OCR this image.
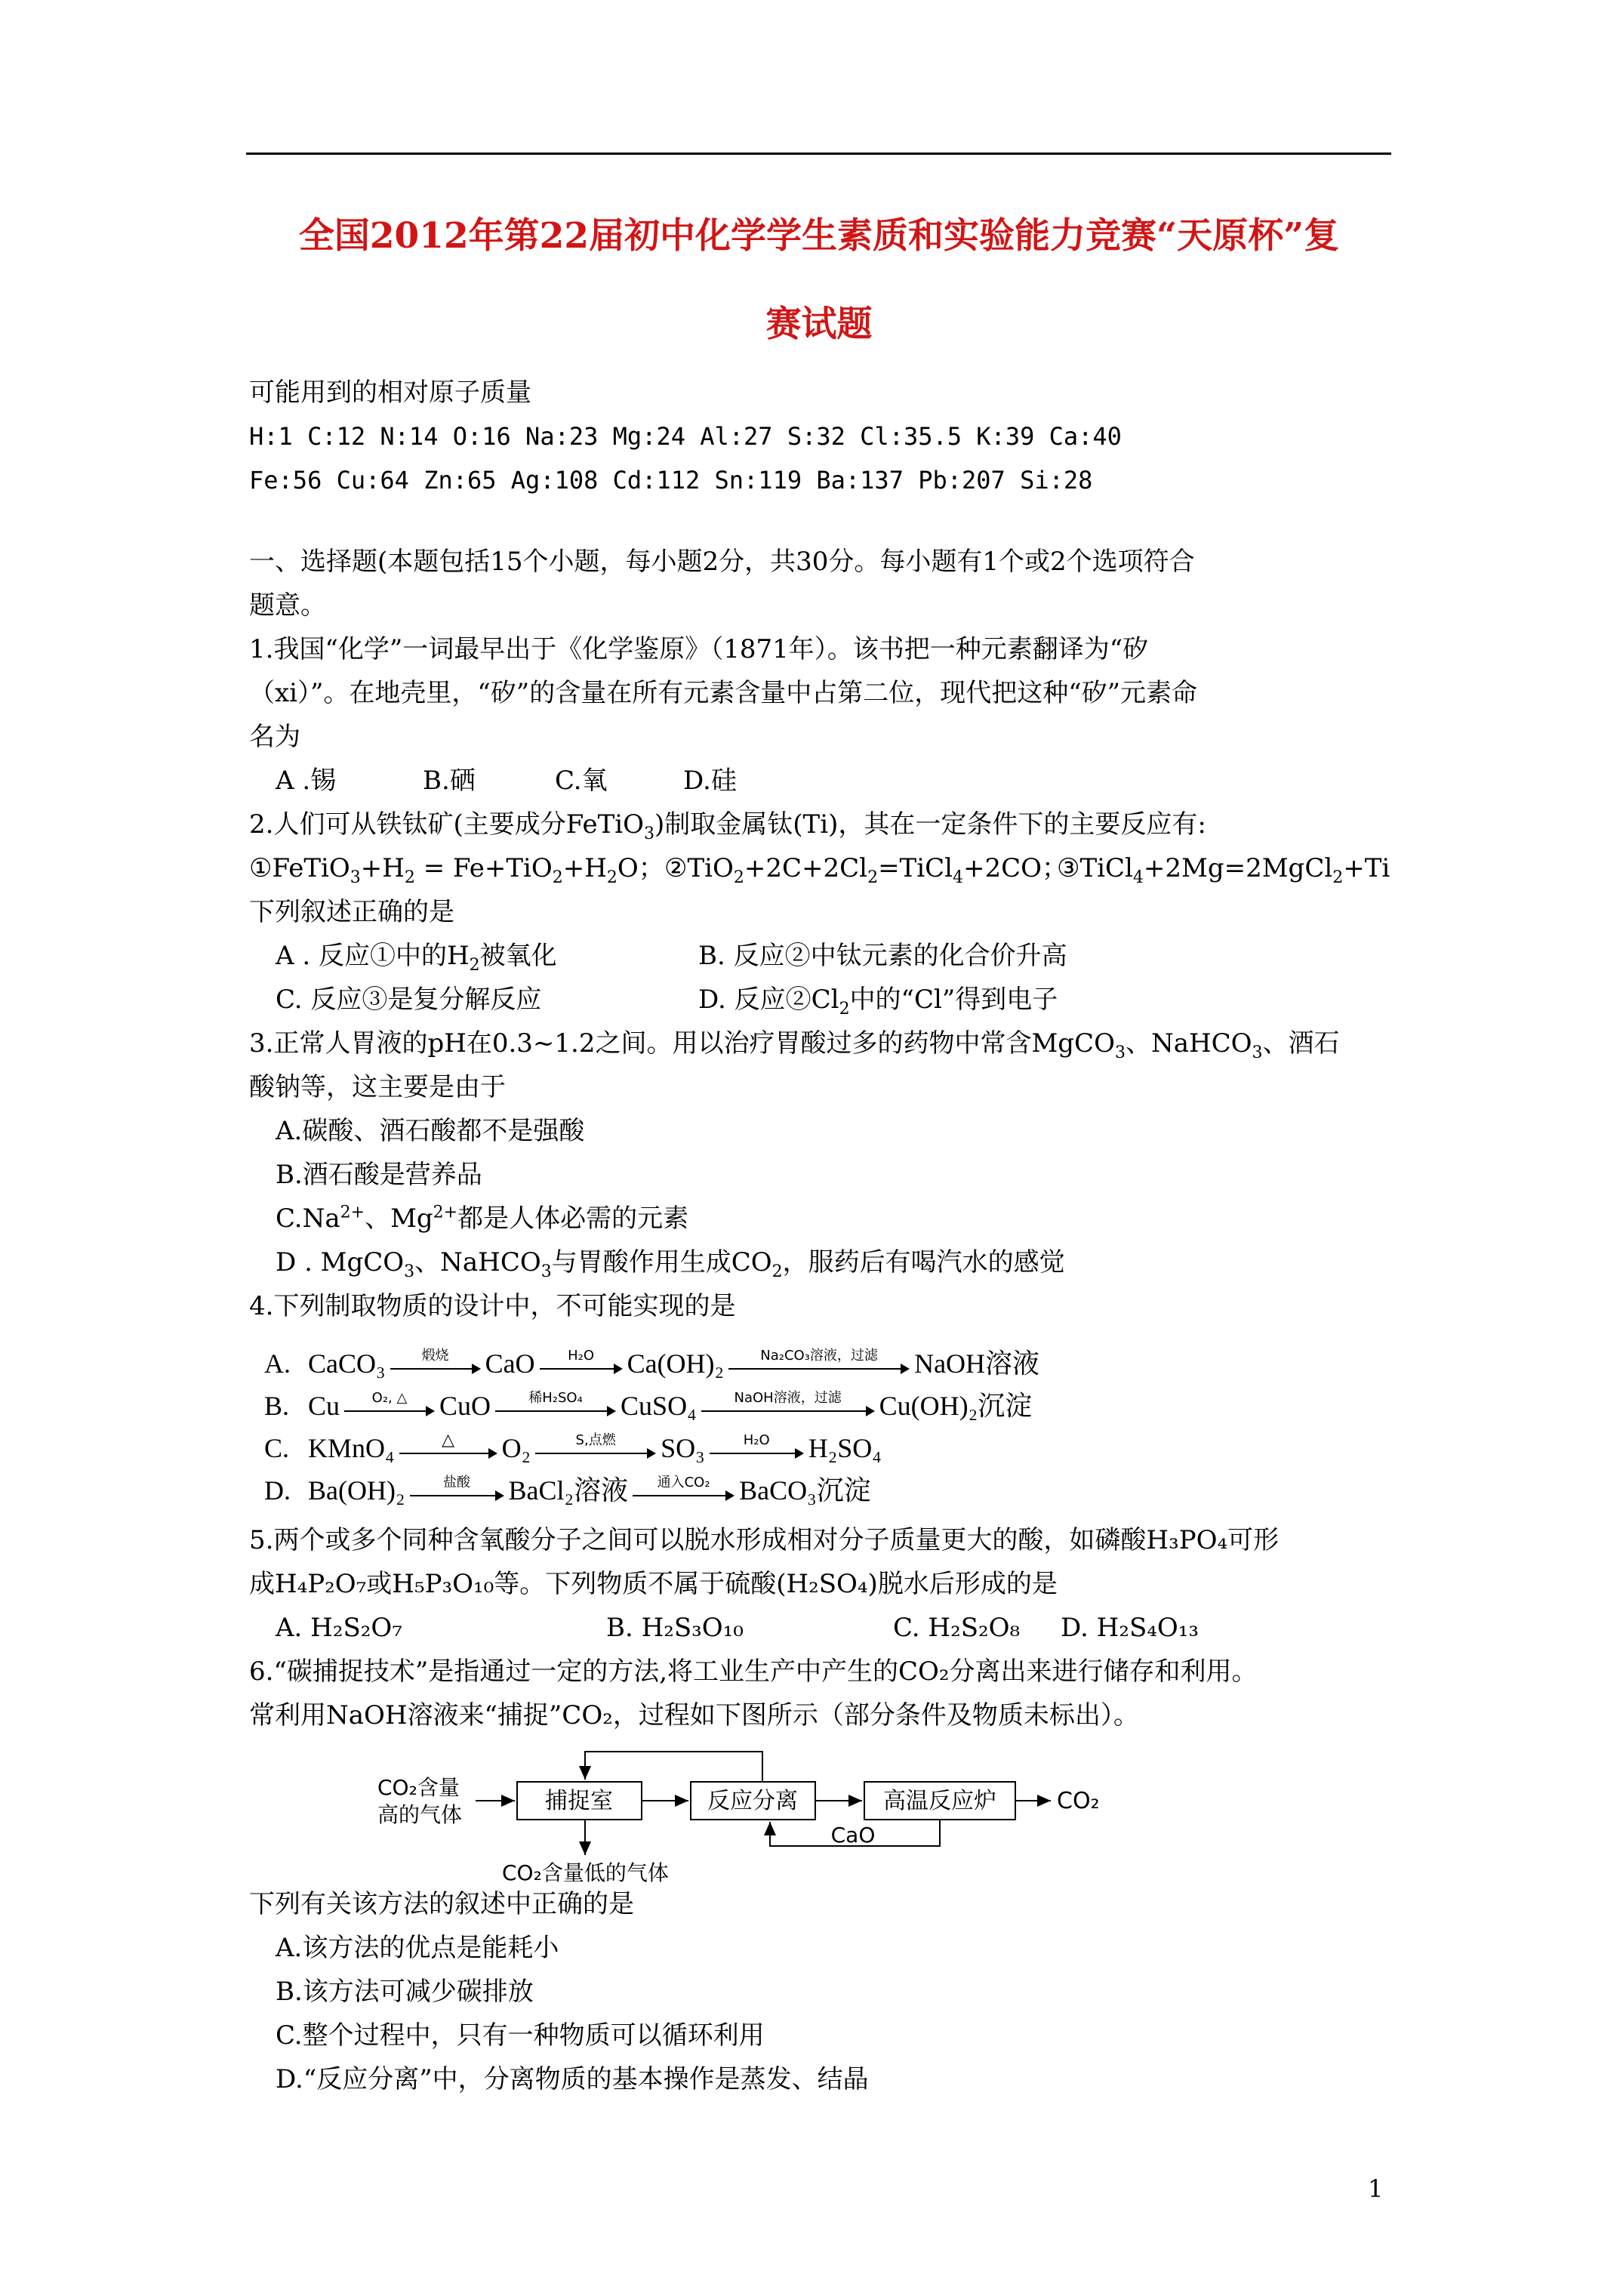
全国2012年第22届初中化学学生素质和实验能力竞赛“天原杯”复
赛试题
可能用到的相对原子质量
H:1 C:12 N:14 O:16 Na:23 Mg:24 Al:27 S:32 Cl:35.5 K:39 Ca:40
Fe:56 Cu:64 Zn:65 Ag:108 Cd:112 Sn:119 Ba:137 Pb:207 Si:28
一、选择题(本题包括15个小题，每小题2分，共30分。每小题有1个或2个选项符合
题意。
1.我国“化学”一词最早出于《化学鉴原》（1871年）。该书把一种元素翻译为“矽
（xi）”。在地壳里，“矽”的含量在所有元素含量中占第二位，现代把这种“矽”元素命
名为
A .锡	B.硒	C.氧	D.硅
2.人们可从铁钛矿(主要成分FeTiO$_3$)制取金属钛(Ti)，其在一定条件下的主要反应有:
$①FeTiO_3+H_2 = Fe+TiO_2+H_2O$；$②TiO_2+2C+2Cl_2=TiCl_4+2CO$；③TiCl$_4$+2Mg=2MgCl$_2$+Ti
下列叙述正确的是
A . 反应①中的$H_2$被氧化	B. 反应②中钛元素的化合价升高
C. 反应③是复分解反应	D. 反应$②Cl_2$中的“Cl”得到电子
3.正常人胃液的pH在0.3~1.2之间。用以治疗胃酸过多的药物中常含MgCO$_3$、NaHCO$_3$、酒石
酸钠等，这主要是由于
A.碳酸、酒石酸都不是强酸
B.酒石酸是营养品
$C.Na^{2+}$、$Mg^{2+}$都是人体必需的元素
D . MgCO$_3$、NaHCO$_3$与胃酸作用生成$CO_2$，服药后有喝汽水的感觉
4.下列制取物质的设计中，不可能实现的是
A. CaCO₃	煅烧	CaO	H₂O	Ca(OH)₂	Na₂CO₃溶液，过滤	NaOH溶液
B. Cu	O₂, △	CuO	稀H₂SO₄	CuSO₄	NaOH溶液，过滤	Cu(OH)₂沉淀
C. KMnO₄	△	O₂	S,点燃	SO₃	H₂O	H₂SO₄
D. Ba(OH)₂	盐酸	BaCl₂溶液	通入CO₂	BaCO₃沉淀
5.两个或多个同种含氧酸分子之间可以脱水形成相对分子质量更大的酸，如磷酸H₃PO₄可形
成H₄P₂O₇或H₅P₃O₁₀等。下列物质不属于硫酸(H₂SO₄)脱水后形成的是
A. H₂S₂O₇	B. H₂S₃O₁₀	C. H₂S₂O₈ D. H₂S₄O₁₃
6.“碳捕捉技术”是指通过一定的方法,将工业生产中产生的CO₂分离出来进行储存和利用。
常利用NaOH溶液来“捕捉”CO₂，过程如下图所示（部分条件及物质未标出）。
CO₂含量
高的气体
捕捉室	反应分离	高温反应炉	CO₂
CaO
CO₂含量低的气体
下列有关该方法的叙述中正确的是
A.该方法的优点是能耗小
B.该方法可减少碳排放
C.整个过程中，只有一种物质可以循环利用
D.“反应分离”中，分离物质的基本操作是蒸发、结晶
1
